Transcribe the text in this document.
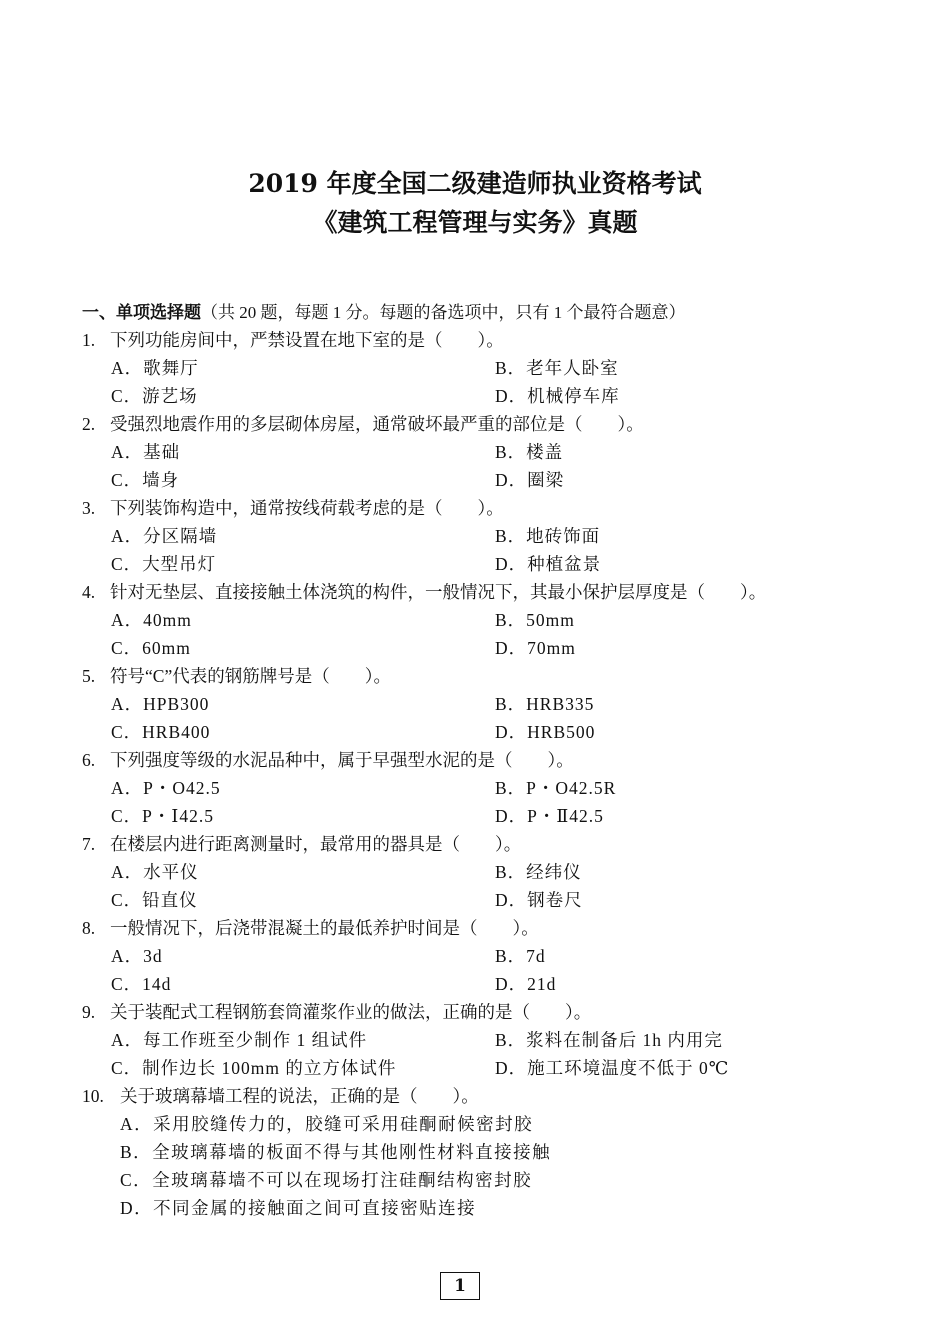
2019 年度全国二级建造师执业资格考试
《建筑工程管理与实务》真题
一、单项选择题（共 20 题，每题 1 分。每题的备选项中，只有 1 个最符合题意）
1. 下列功能房间中，严禁设置在地下室的是（　　）。
A．歌舞厅	B．老年人卧室
C．游艺场	D．机械停车库
2. 受强烈地震作用的多层砌体房屋，通常破坏最严重的部位是（　　）。
A．基础	B．楼盖
C．墙身	D．圈梁
3. 下列装饰构造中，通常按线荷载考虑的是（　　）。
A．分区隔墙	B．地砖饰面
C．大型吊灯	D．种植盆景
4. 针对无垫层、直接接触土体浇筑的构件，一般情况下，其最小保护层厚度是（　　）。
A．40mm	B．50mm
C．60mm	D．70mm
5. 符号“C”代表的钢筋牌号是（　　）。
A．HPB300	B．HRB335
C．HRB400	D．HRB500
6. 下列强度等级的水泥品种中，属于早强型水泥的是（　　）。
A．P・O42.5	B．P・O42.5R
C．P・Ⅰ42.5	D．P・Ⅱ42.5
7. 在楼层内进行距离测量时，最常用的器具是（　　）。
A．水平仪	B．经纬仪
C．铅直仪	D．钢卷尺
8. 一般情况下，后浇带混凝土的最低养护时间是（　　）。
A．3d	B．7d
C．14d	D．21d
9. 关于装配式工程钢筋套筒灌浆作业的做法，正确的是（　　）。
A．每工作班至少制作 1 组试件	B．浆料在制备后 1h 内用完
C．制作边长 100mm 的立方体试件	D．施工环境温度不低于 0℃
10. 关于玻璃幕墙工程的说法，正确的是（　　）。
A．采用胶缝传力的，胶缝可采用硅酮耐候密封胶
B．全玻璃幕墙的板面不得与其他刚性材料直接接触
C．全玻璃幕墙不可以在现场打注硅酮结构密封胶
D．不同金属的接触面之间可直接密贴连接
1
